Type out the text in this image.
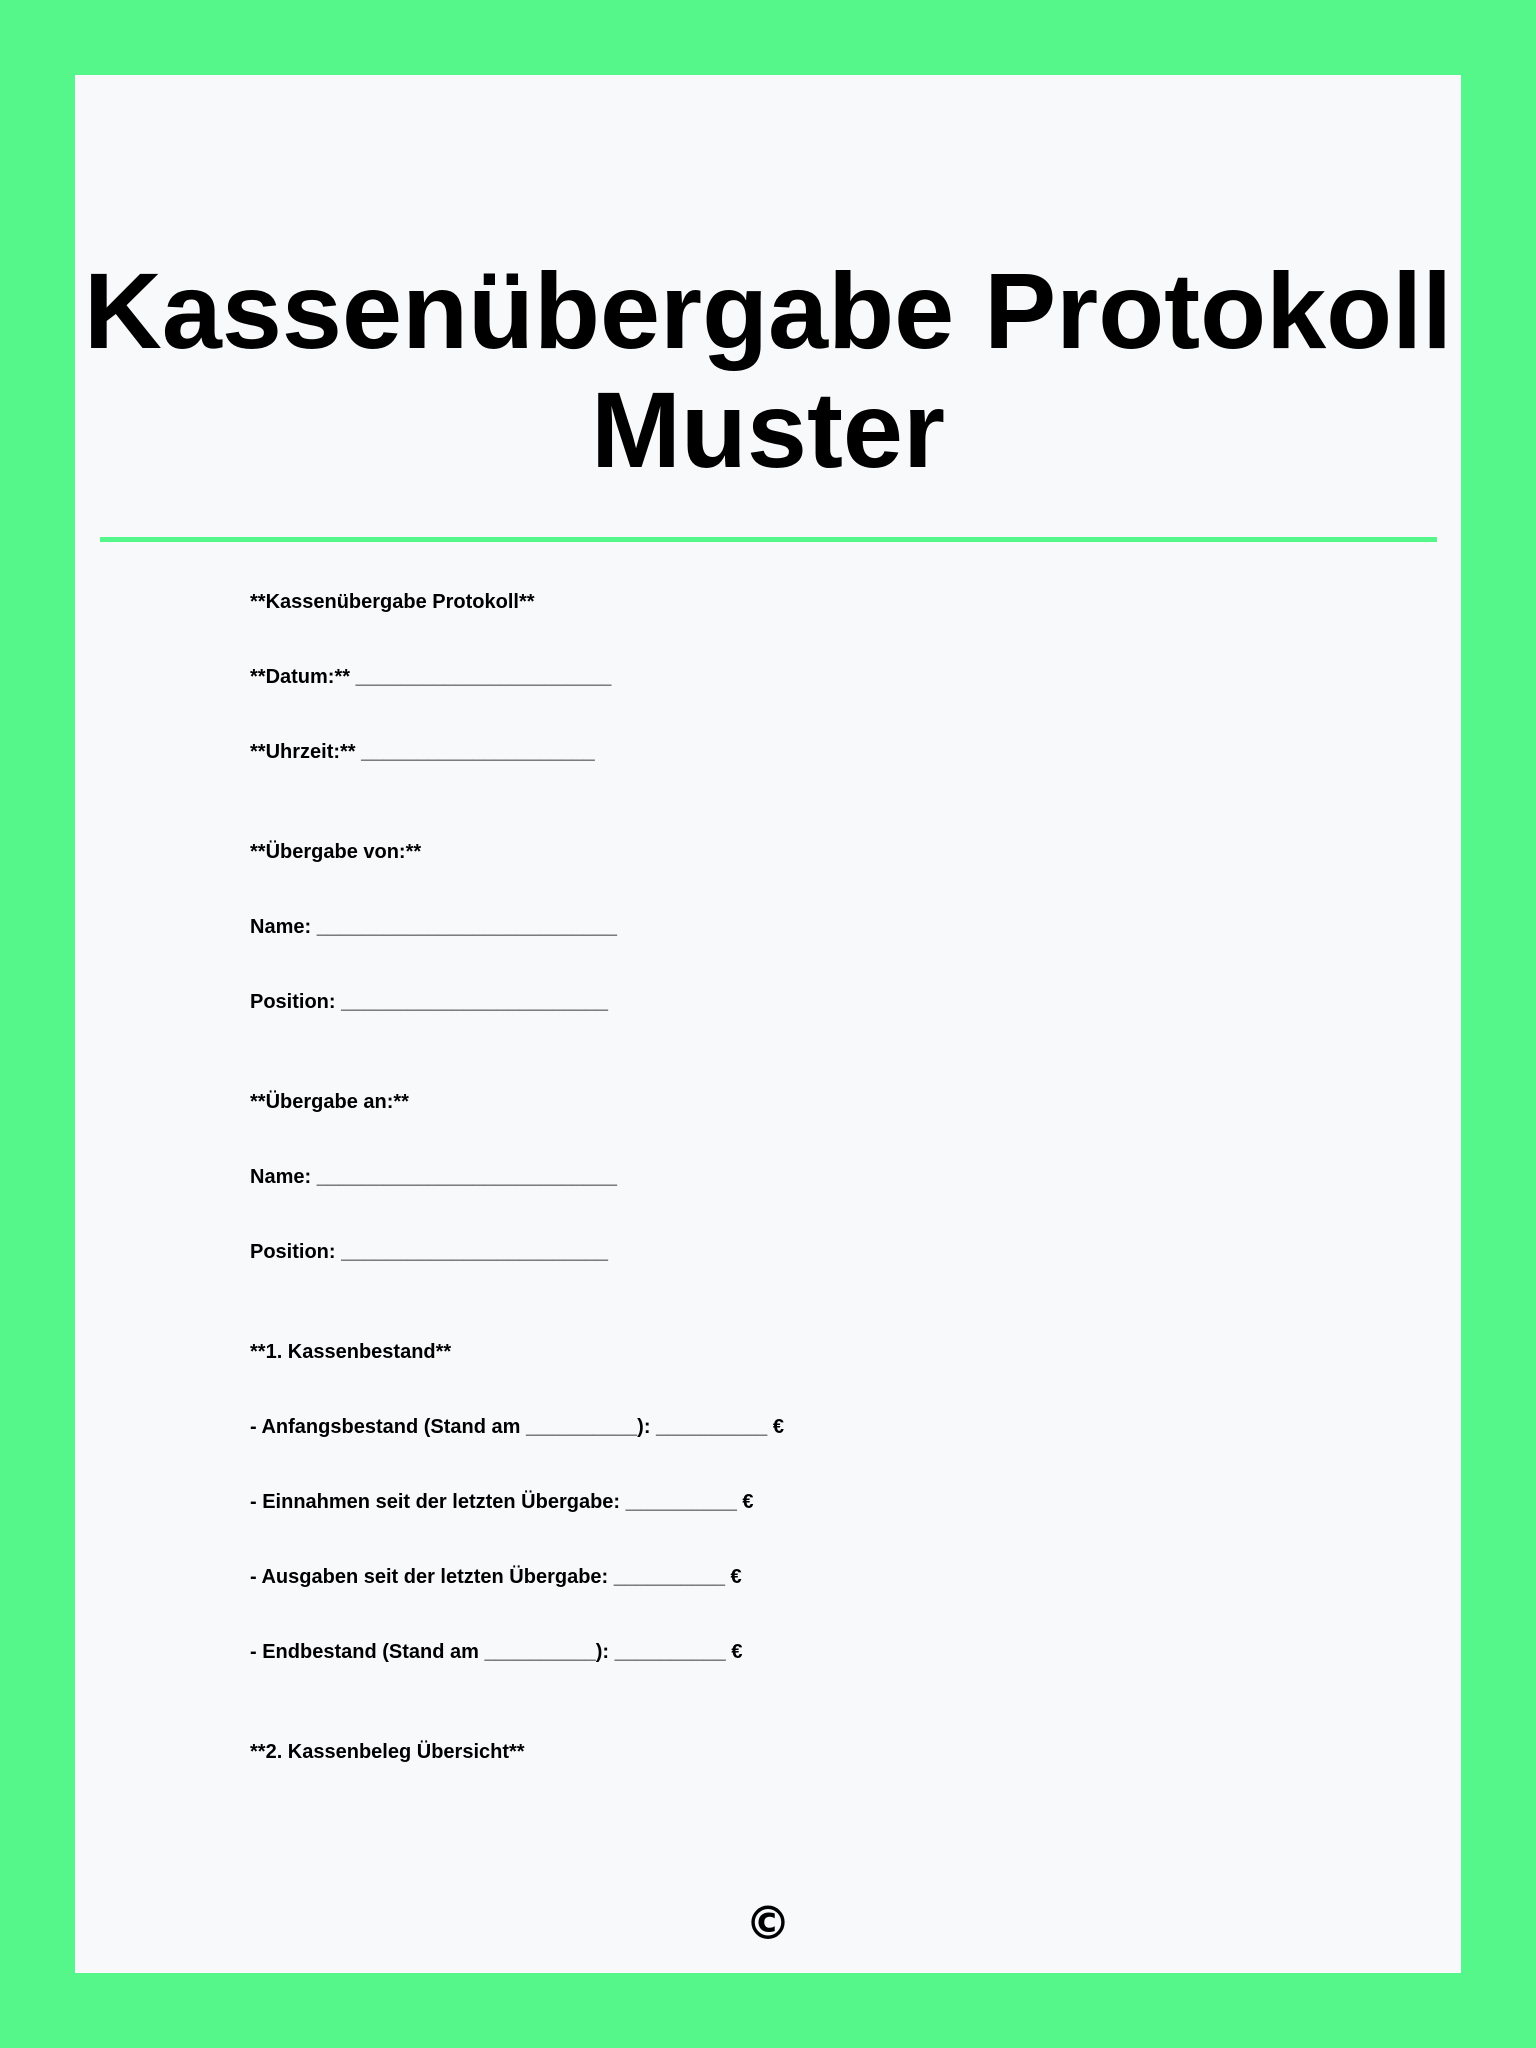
Kassenübergabe Protokoll Muster

**Kassenübergabe Protokoll**

**Datum:** _______________________

**Uhrzeit:** _____________________

**Übergabe von:**

Name: ___________________________

Position: ________________________

**Übergabe an:**

Name: ___________________________

Position: ________________________

**1. Kassenbestand**

- Anfangsbestand (Stand am __________): __________ €

- Einnahmen seit der letzten Übergabe: __________ €

- Ausgaben seit der letzten Übergabe: __________ €

- Endbestand (Stand am __________): __________ €

**2. Kassenbeleg Übersicht**

©
